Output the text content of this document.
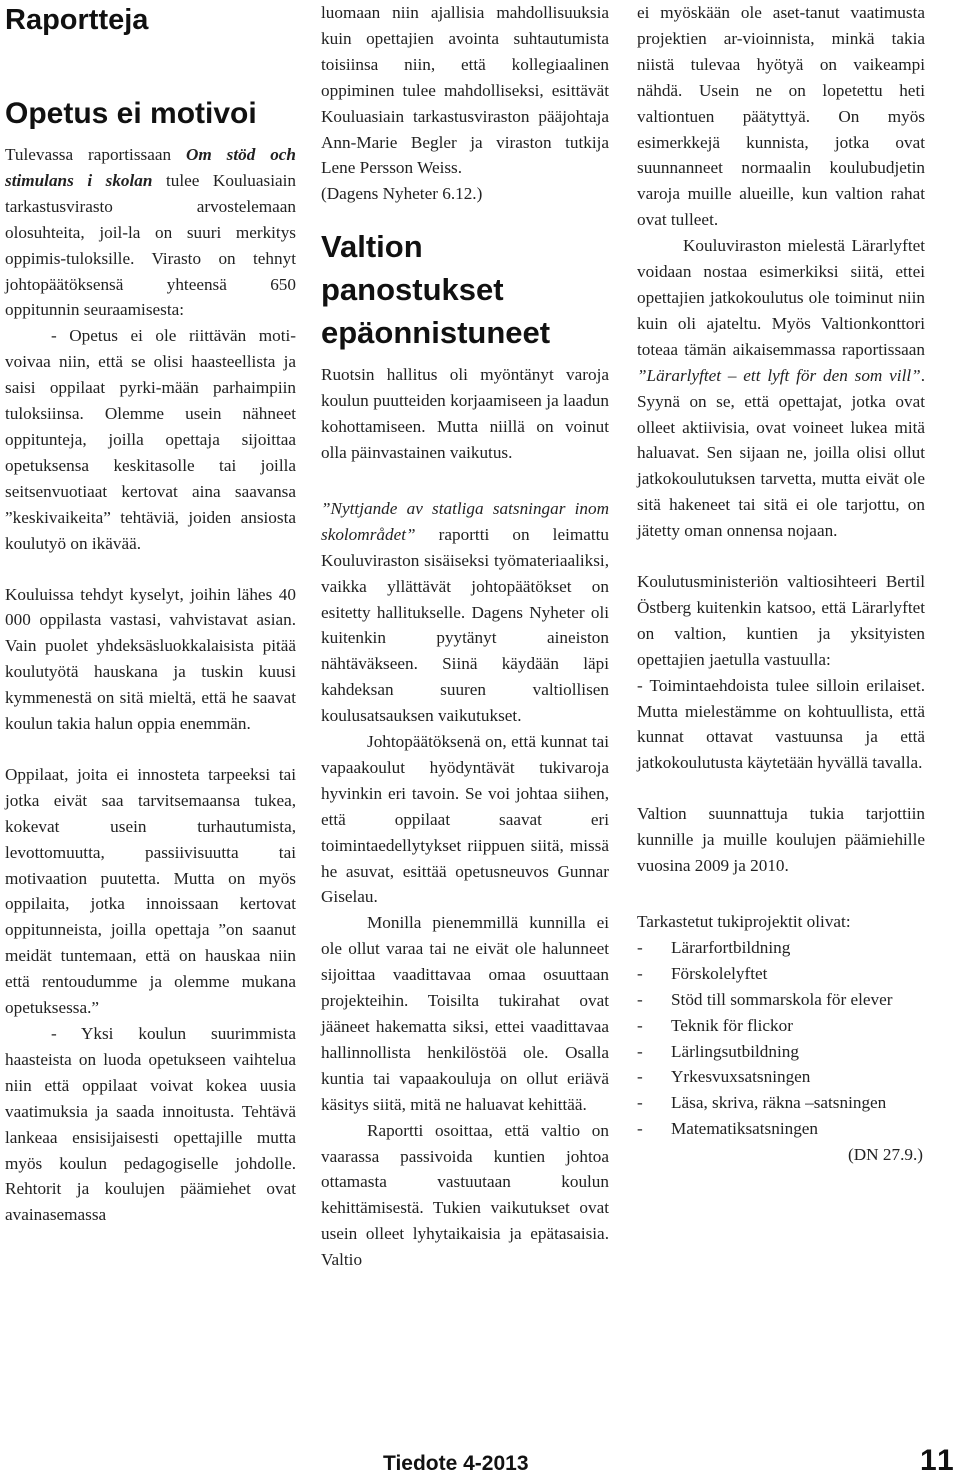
Raportteja
Opetus ei motivoi

Tulevassa raportissaan Om stöd och stimulans i skolan tulee Kouluasiain tarkastusvirasto arvostelemaan olosuhteita, joil-la on suuri merkitys oppimis-tuloksille. Virasto on tehnyt johtopäätöksensä yhteensä 650 oppitunnin seuraamisesta:

- Opetus ei ole riittävän moti-voivaa niin, että se olisi haasteellista ja saisi oppilaat pyrki-mään parhaimpiin tuloksiinsa. Olemme usein nähneet oppitunteja, joilla opettaja sijoittaa opetuksensa keskitasolle tai joilla seitsenvuotiaat kertovat aina saavansa ”keskivaikeita” tehtäviä, joiden ansiosta koulutyö on ikävää.

Kouluissa tehdyt kyselyt, joihin lähes 40 000 oppilasta vastasi, vahvistavat asian. Vain puolet yhdeksäsluokkalaisista pitää koulutyötä hauskana ja tuskin kuusi kymmenestä on sitä mieltä, että he saavat koulun takia halun oppia enemmän.

Oppilaat, joita ei innosteta tarpeeksi tai jotka eivät saa tarvitsemaansa tukea, kokevat usein turhautumista, levottomuutta, passiivisuutta tai motivaation puutetta. Mutta on myös oppilaita, jotka innoissaan kertovat oppitunneista, joilla opettaja ”on saanut meidät tuntemaan, että on hauskaa niin että rentoudumme ja olemme mukana opetuksessa.”

- Yksi koulun suurimmista haasteista on luoda opetukseen vaihtelua niin että oppilaat voivat kokea uusia vaatimuksia ja saada innoitusta. Tehtävä lankeaa ensisijaisesti opettajille mutta myös koulun pedagogiselle johdolle. Rehtorit ja koulujen päämiehet ovat avainasemassa

luomaan niin ajallisia mahdollisuuksia kuin opettajien avointa suhtautumista toisiinsa niin, että kollegiaalinen oppiminen tulee mahdolliseksi, esittävät Kouluasiain tarkastusviraston pääjohtaja Ann-Marie Begler ja viraston tutkija Lene Persson Weiss.

(Dagens Nyheter 6.12.)

Valtion panostukset epäonnistuneet

Ruotsin hallitus oli myöntänyt varoja koulun puutteiden korjaamiseen ja laadun kohottamiseen. Mutta niillä on voinut olla päinvastainen vaikutus.

”Nyttjande av statliga satsningar inom skolområdet” raportti on leimattu Kouluviraston sisäiseksi työmateriaaliksi, vaikka yllättävät johtopäätökset on esitetty hallitukselle. Dagens Nyheter oli kuitenkin pyytänyt aineiston nähtäväkseen. Siinä käydään läpi kahdeksan suuren valtiollisen koulusatsauksen vaikutukset.

Johtopäätöksenä on, että kunnat tai vapaakoulut hyödyntävät tukivaroja hyvinkin eri tavoin. Se voi johtaa siihen, että oppilaat saavat eri toimintaedellytykset riippuen siitä, missä he asuvat, esittää opetusneuvos Gunnar Giselau.

Monilla pienemmillä kunnilla ei ole ollut varaa tai ne eivät ole halunneet sijoittaa vaadittavaa omaa osuuttaan projekteihin. Toisilta tukirahat ovat jääneet hakematta siksi, ettei vaadittavaa hallinnollista henkilöstöä ole. Osalla kuntia tai vapaakouluja on ollut eriävä käsitys siitä, mitä ne haluavat kehittää.

Raportti osoittaa, että valtio on vaarassa passivoida kuntien johtoa ottamasta vastuutaan koulun kehittämisestä. Tukien vaikutukset ovat usein olleet lyhytaikaisia ja epätasaisia. Valtio

ei myöskään ole aset-tanut vaatimusta projektien ar-vioinnista, minkä takia niistä tulevaa hyötyä on vaikeampi nähdä. Usein ne on lopetettu heti valtiontuen päätyttyä. On myös esimerkkejä kunnista, jotka ovat suunnanneet normaalin koulubudjetin varoja muille alueille, kun valtion rahat ovat tulleet.

Kouluviraston mielestä Lärarlyftet voidaan nostaa esimerkiksi siitä, ettei opettajien jatkokoulutus ole toiminut niin kuin oli ajateltu. Myös Valtionkonttori toteaa tämän aikaisemmassa raportissaan ”Lärarlyftet – ett lyft för den som vill”. Syynä on se, että opettajat, jotka ovat olleet aktiivisia, ovat voineet lukea mitä haluavat. Sen sijaan ne, joilla olisi ollut jatkokoulutuksen tarvetta, mutta eivät ole sitä hakeneet tai sitä ei ole tarjottu, on jätetty oman onnensa nojaan.

Koulutusministeriön valtiosihteeri Bertil Östberg kuitenkin katsoo, että Lärarlyftet on valtion, kuntien ja yksityisten opettajien jaetulla vastuulla:

- Toimintaehdoista tulee silloin erilaiset. Mutta mielestämme on kohtuullista, että kunnat ottavat vastuunsa ja että jatkokoulutusta käytetään hyvällä tavalla.

Valtion suunnattuja tukia tarjottiin kunnille ja muille koulujen päämiehille vuosina 2009 ja 2010.

Tarkastetut tukiprojektit olivat:

- Lärarfortbildning
- Förskolelyftet
- Stöd till sommarskola för elever
- Teknik för flickor
- Lärlingsutbildning
- Yrkesvuxsatsningen
- Läsa, skriva, räkna –satsningen
- Matematiksatsningen

(DN 27.9.)

Tiedote 4-2013	11
